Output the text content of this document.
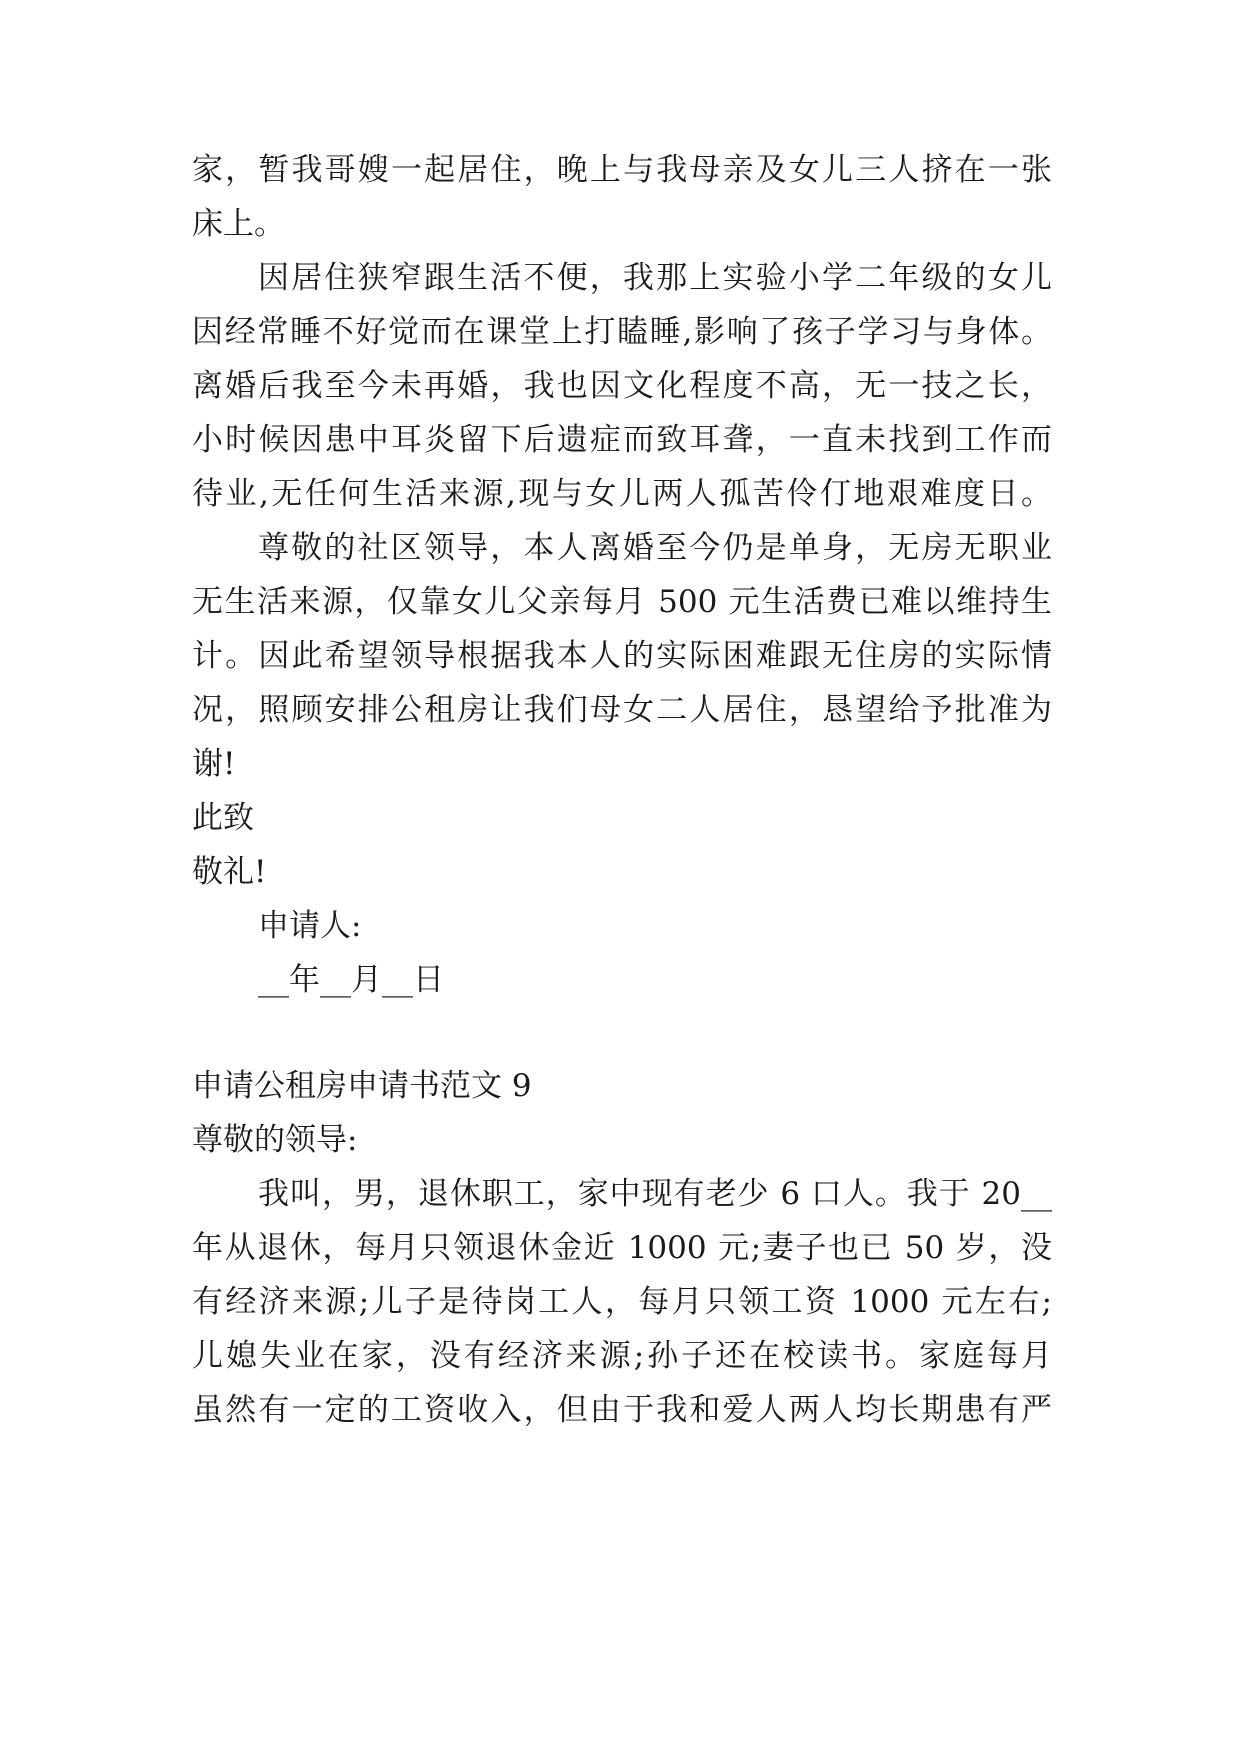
家，暂我哥嫂一起居住，晚上与我母亲及女儿三人挤在一张

床上。

因居住狭窄跟生活不便，我那上实验小学二年级的女儿

因经常睡不好觉而在课堂上打瞌睡,影响了孩子学习与身体。

离婚后我至今未再婚，我也因文化程度不高，无一技之长，

小时候因患中耳炎留下后遗症而致耳聋，一直未找到工作而

待业,无任何生活来源,现与女儿两人孤苦伶仃地艰难度日。

尊敬的社区领导，本人离婚至今仍是单身，无房无职业

无生活来源，仅靠女儿父亲每月 500 元生活费已难以维持生

计。因此希望领导根据我本人的实际困难跟无住房的实际情

况，照顾安排公租房让我们母女二人居住，恳望给予批准为

谢!

此致

敬礼!

申请人:

__年__月__日

申请公租房申请书范文 9

尊敬的领导:

我叫，男，退休职工，家中现有老少 6 口人。我于 20__

年从退休，每月只领退休金近 1000 元;妻子也已 50 岁，没

有经济来源;儿子是待岗工人，每月只领工资 1000 元左右;

儿媳失业在家，没有经济来源;孙子还在校读书。家庭每月

虽然有一定的工资收入，但由于我和爱人两人均长期患有严
